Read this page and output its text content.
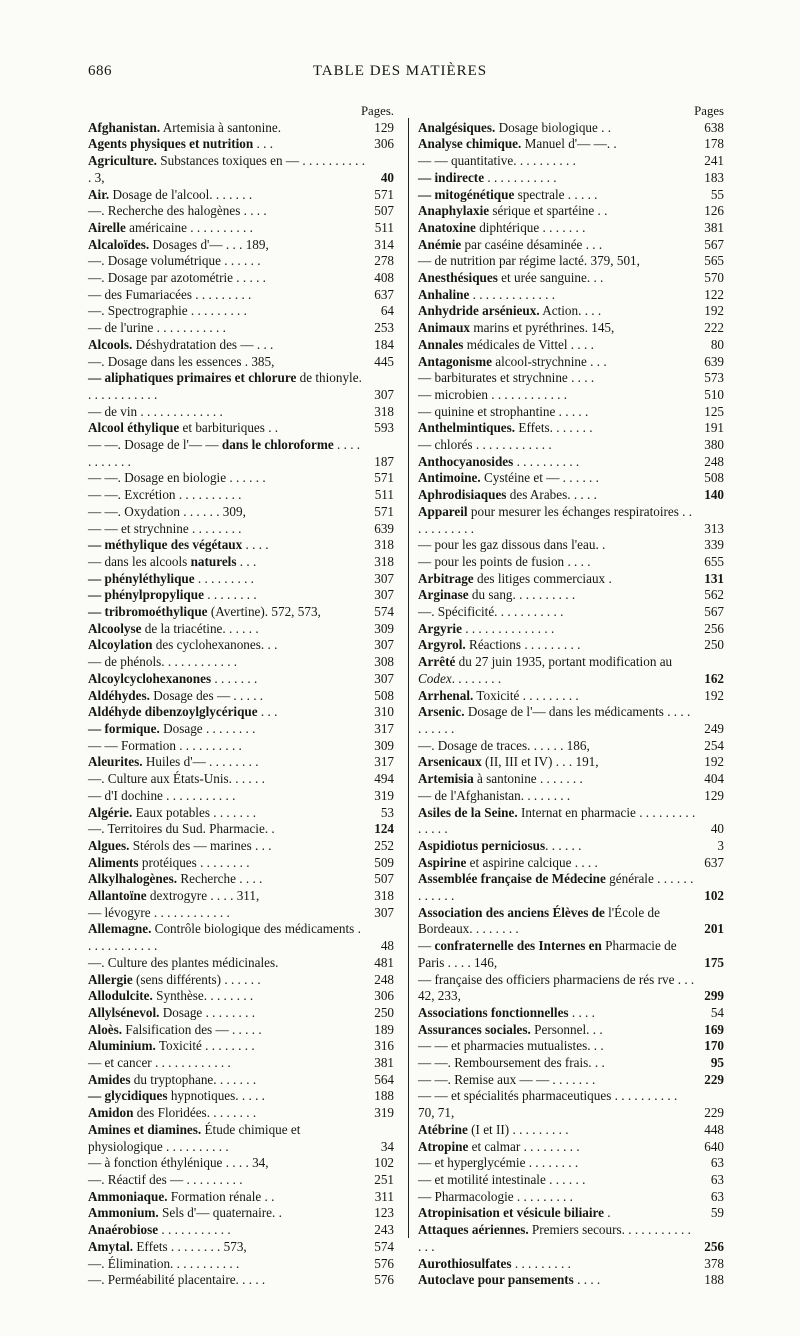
686	TABLE DES MATIÈRES
Pages.
Afghanistan. Artemisia à santonine.	129
Agents physiques et nutrition . . .	306
Agriculture. Substances toxiques en — . . . . . . . . . . . 3,	40
Air. Dosage de l'alcool. . . . . . .	571
—. Recherche des halogènes . . . .	507
Airelle américaine . . . . . . . . . .	511
Alcaloïdes. Dosages d'— . . . 189,	314
—. Dosage volumétrique . . . . . .	278
—. Dosage par azotométrie . . . . .	408
— des Fumariacées . . . . . . . . .	637
—. Spectrographie . . . . . . . . .	64
— de l'urine . . . . . . . . . . .	253
Alcools. Déshydratation des — . . .	184
—. Dosage dans les essences . 385,	445
— aliphatiques primaires et chlorure de thionyle. . . . . . . . . . . .	307
— de vin . . . . . . . . . . . . .	318
Alcool éthylique et barbituriques . .	593
— —. Dosage de l'— — dans le chloroforme . . . . . . . . . . .	187
— —. Dosage en biologie . . . . . .	571
— —. Excrétion . . . . . . . . . .	511
— —. Oxydation . . . . . . 309,	571
— — et strychnine . . . . . . . .	639
— méthylique des végétaux . . . .	318
— dans les alcools naturels . . .	318
— phényléthylique . . . . . . . . .	307
— phénylpropylique . . . . . . . .	307
— tribromoéthylique (Avertine). 572, 573,	574
Alcoolyse de la triacétine. . . . . .	309
Alcoylation des cyclohexanones. . .	307
— de phénols. . . . . . . . . . . .	308
Alcoylcyclohexanones . . . . . . .	307
Aldéhydes. Dosage des — . . . . .	508
Aldéhyde dibenzoylglycérique . . .	310
— formique. Dosage . . . . . . . .	317
— — Formation . . . . . . . . . .	309
Aleurites. Huiles d'— . . . . . . . .	317
—. Culture aux États-Unis. . . . . .	494
— d'I dochine . . . . . . . . . . .	319
Algérie. Eaux potables . . . . . . .	53
—. Territoires du Sud. Pharmacie. .	124
Algues. Stérols des — marines . . .	252
Aliments protéiques . . . . . . . .	509
Alkylhalogènes. Recherche . . . .	507
Allantoïne dextrogyre . . . . 311,	318
— lévogyre . . . . . . . . . . . .	307
Allemagne. Contrôle biologique des médicaments . . . . . . . . . . . .	48
—. Culture des plantes médicinales.	481
Allergie (sens différents) . . . . . .	248
Allodulcite. Synthèse. . . . . . . .	306
Allylsénevol. Dosage . . . . . . . .	250
Aloès. Falsification des — . . . . .	189
Aluminium. Toxicité . . . . . . . .	316
— et cancer . . . . . . . . . . . .	381
Amides du tryptophane. . . . . . .	564
— glycidiques hypnotiques. . . . .	188
Amidon des Floridées. . . . . . . .	319
Amines et diamines. Étude chimique et physiologique . . . . . . . . . .	34
— à fonction éthylénique . . . . 34,	102
—. Réactif des — . . . . . . . . .	251
Ammoniaque. Formation rénale . .	311
Ammonium. Sels d'— quaternaire. .	123
Anaérobiose . . . . . . . . . . .	243
Amytal. Effets . . . . . . . . 573,	574
—. Élimination. . . . . . . . . . .	576
—. Perméabilité placentaire. . . . .	576
Pages
Analgésiques. Dosage biologique . .	638
Analyse chimique. Manuel d'— —. .	178
— — quantitative. . . . . . . . . .	241
— indirecte . . . . . . . . . . .	183
— mitogénétique spectrale . . . . .	55
Anaphylaxie sérique et spartéine . .	126
Anatoxine diphtérique . . . . . . .	381
Anémie par caséine désaminée . . .	567
— de nutrition par régime lacté. 379, 501,	565
Anesthésiques et urée sanguine. . .	570
Anhaline . . . . . . . . . . . . .	122
Anhydride arsénieux. Action. . . .	192
Animaux marins et pyréthrines. 145,	222
Annales médicales de Vittel . . . .	80
Antagonisme alcool-strychnine . . .	639
— barbiturates et strychnine . . . .	573
— microbien . . . . . . . . . . . .	510
— quinine et strophantine . . . . .	125
Anthelmintiques. Effets. . . . . . .	191
— chlorés . . . . . . . . . . . .	380
Anthocyanosides . . . . . . . . . .	248
Antimoine. Cystéine et — . . . . . .	508
Aphrodisiaques des Arabes. . . . .	140
Appareil pour mesurer les échanges respiratoires . . . . . . . . . . .	313
— pour les gaz dissous dans l'eau. .	339
— pour les points de fusion . . . .	655
Arbitrage des litiges commerciaux .	131
Arginase du sang. . . . . . . . . .	562
—. Spécificité. . . . . . . . . . .	567
Argyrie . . . . . . . . . . . . . .	256
Argyrol. Réactions . . . . . . . . .	250
Arrêté du 27 juin 1935, portant modification au Codex. . . . . . . .	162
Arrhenal. Toxicité . . . . . . . . .	192
Arsenic. Dosage de l'— dans les médicaments . . . . . . . . . .	249
—. Dosage de traces. . . . . . 186,	254
Arsenicaux (II, III et IV) . . . 191,	192
Artemisia à santonine . . . . . . .	404
— de l'Afghanistan. . . . . . . .	129
Asiles de la Seine. Internat en pharmacie . . . . . . . . . . . . . .	40
Aspidiotus perniciosus. . . . . .	3
Aspirine et aspirine calcique . . . .	637
Assemblée française de Médecine générale . . . . . . . . . . . .	102
Association des anciens Élèves de l'École de Bordeaux. . . . . . . .	201
— confraternelle des Internes en Pharmacie de Paris . . . . 146,	175
— française des officiers pharmaciens de rés rve . . . 42, 233,	299
Associations fonctionnelles . . . .	54
Assurances sociales. Personnel. . .	169
— — et pharmacies mutualistes. . .	170
— —. Remboursement des frais. . .	95
— —. Remise aux — — . . . . . . .	229
— — et spécialités pharmaceutiques . . . . . . . . . . 70, 71,	229
Atébrine (I et II) . . . . . . . . .	448
Atropine et calmar . . . . . . . . .	640
— et hyperglycémie . . . . . . . .	63
— et motilité intestinale . . . . . .	63
— Pharmacologie . . . . . . . . .	63
Atropinisation et vésicule biliaire .	59
Attaques aériennes. Premiers secours. . . . . . . . . . . . . .	256
Aurothiosulfates . . . . . . . . .	378
Autoclave pour pansements . . . .	188
